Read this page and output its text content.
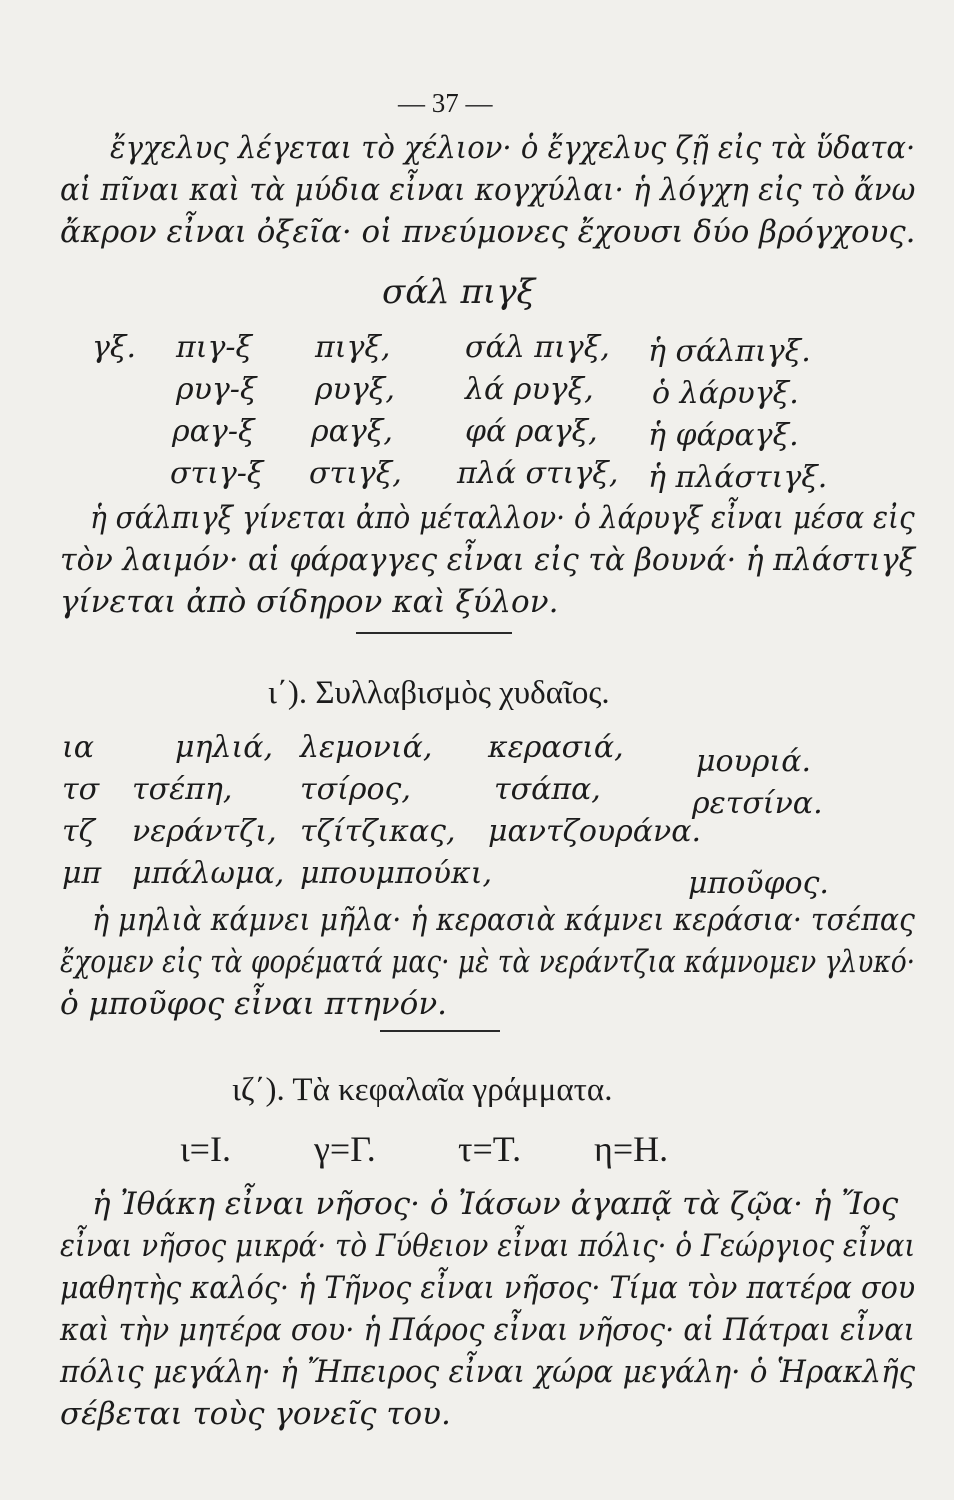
— 37 —
ἔγχελυς λέγεται τὸ χέλιον· ὁ ἔγχελυς ζῇ εἰς τὰ ὕδατα·
αἱ πῖναι καὶ τὰ μύδια εἶναι κογχύλαι· ἡ λόγχη εἰς τὸ ἄνω
ἄκρον εἶναι ὀξεῖα· οἱ πνεύμονες ἔχουσι δύο βρόγχους.
σάλ πιγξ
γξ. πιγ-ξ πιγξ, σάλ πιγξ, ἡ σάλπιγξ.
ρυγ-ξ ρυγξ, λά ρυγξ, ὁ λάρυγξ.
ραγ-ξ ραγξ, φά ραγξ, ἡ φάραγξ.
στιγ-ξ στιγξ, πλά στιγξ, ἡ πλάστιγξ.
ἡ σάλπιγξ γίνεται ἀπὸ μέταλλον· ὁ λάρυγξ εἶναι μέσα εἰς
τὸν λαιμόν· αἱ φάραγγες εἶναι εἰς τὰ βουνά· ἡ πλάστιγξ
γίνεται ἀπὸ σίδηρον καὶ ξύλον.
ι΄). Συλλαβισμὸς χυδαῖος.
ια	μηλιά, λεμονιά, κερασιά, μουριά.
τσ τσέπη, τσίρος,	τσάπα,	ρετσίνα.
τζ νεράντζι, τζίτζικας, μαντζουράνα.
μπ μπάλωμα, μπουμπούκι,	μποῦφος.
ἡ μηλιὰ κάμνει μῆλα· ἡ κερασιὰ κάμνει κεράσια· τσέπας
ἔχομεν εἰς τὰ φορέματά μας· μὲ τὰ νεράντζια κάμνομεν γλυκό·
ὁ μποῦφος εἶναι πτηνόν.
ιζ΄). Τὰ κεφαλαῖα γράμματα.
ι=Ι. γ=Γ. τ=Τ. η=Η.
ἡ Ἰθάκη εἶναι νῆσος· ὁ Ἰάσων ἀγαπᾷ τὰ ζῷα· ἡ Ἴος
εἶναι νῆσος μικρά· τὸ Γύθειον εἶναι πόλις· ὁ Γεώργιος εἶναι
μαθητὴς καλός· ἡ Τῆνος εἶναι νῆσος· Τίμα τὸν πατέρα σου
καὶ τὴν μητέρα σου· ἡ Πάρος εἶναι νῆσος· αἱ Πάτραι εἶναι
πόλις μεγάλη· ἡ Ἤπειρος εἶναι χώρα μεγάλη· ὁ Ἡρακλῆς
σέβεται τοὺς γονεῖς του.
